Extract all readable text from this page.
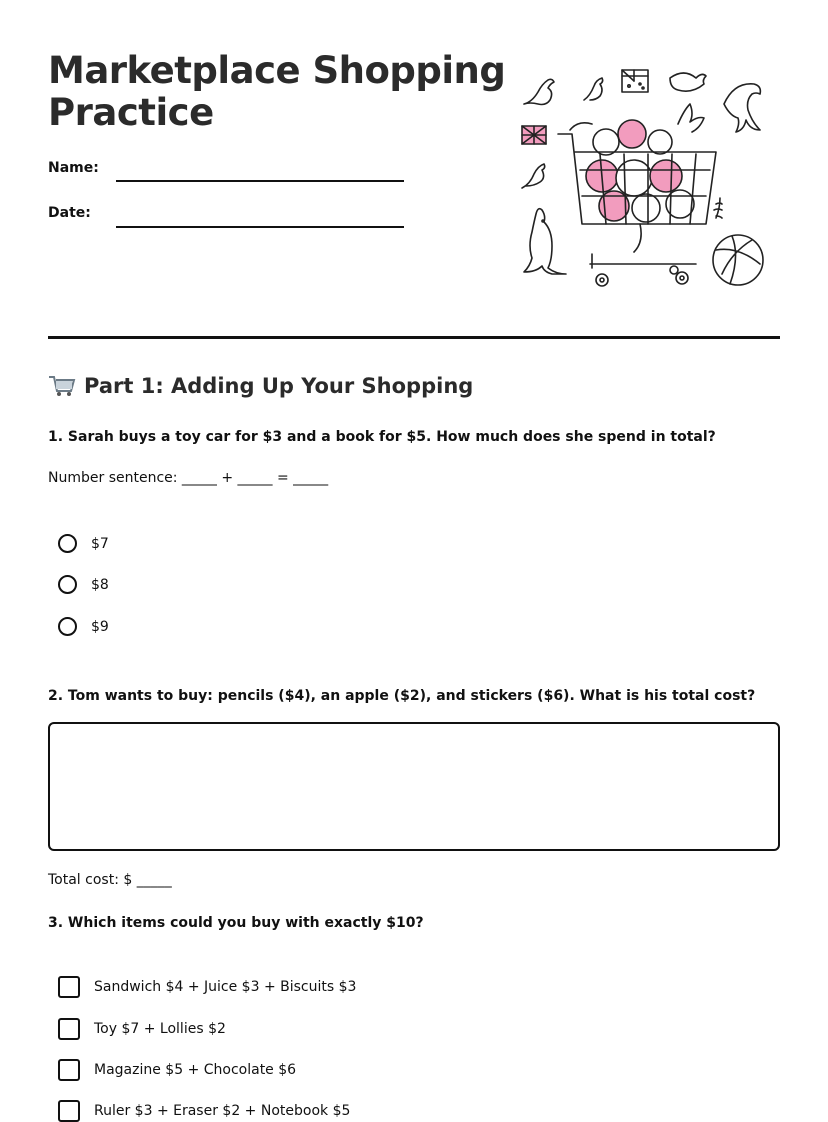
Marketplace Shopping Practice
Name:
Date:
Part 1: Adding Up Your Shopping
1. Sarah buys a toy car for $3 and a book for $5. How much does she spend in total?
Number sentence: _____ + _____ = _____
$7
$8
$9
2. Tom wants to buy: pencils ($4), an apple ($2), and stickers ($6). What is his total cost?
Total cost: $ _____
3. Which items could you buy with exactly $10?
Sandwich $4 + Juice $3 + Biscuits $3
Toy $7 + Lollies $2
Magazine $5 + Chocolate $6
Ruler $3 + Eraser $2 + Notebook $5
